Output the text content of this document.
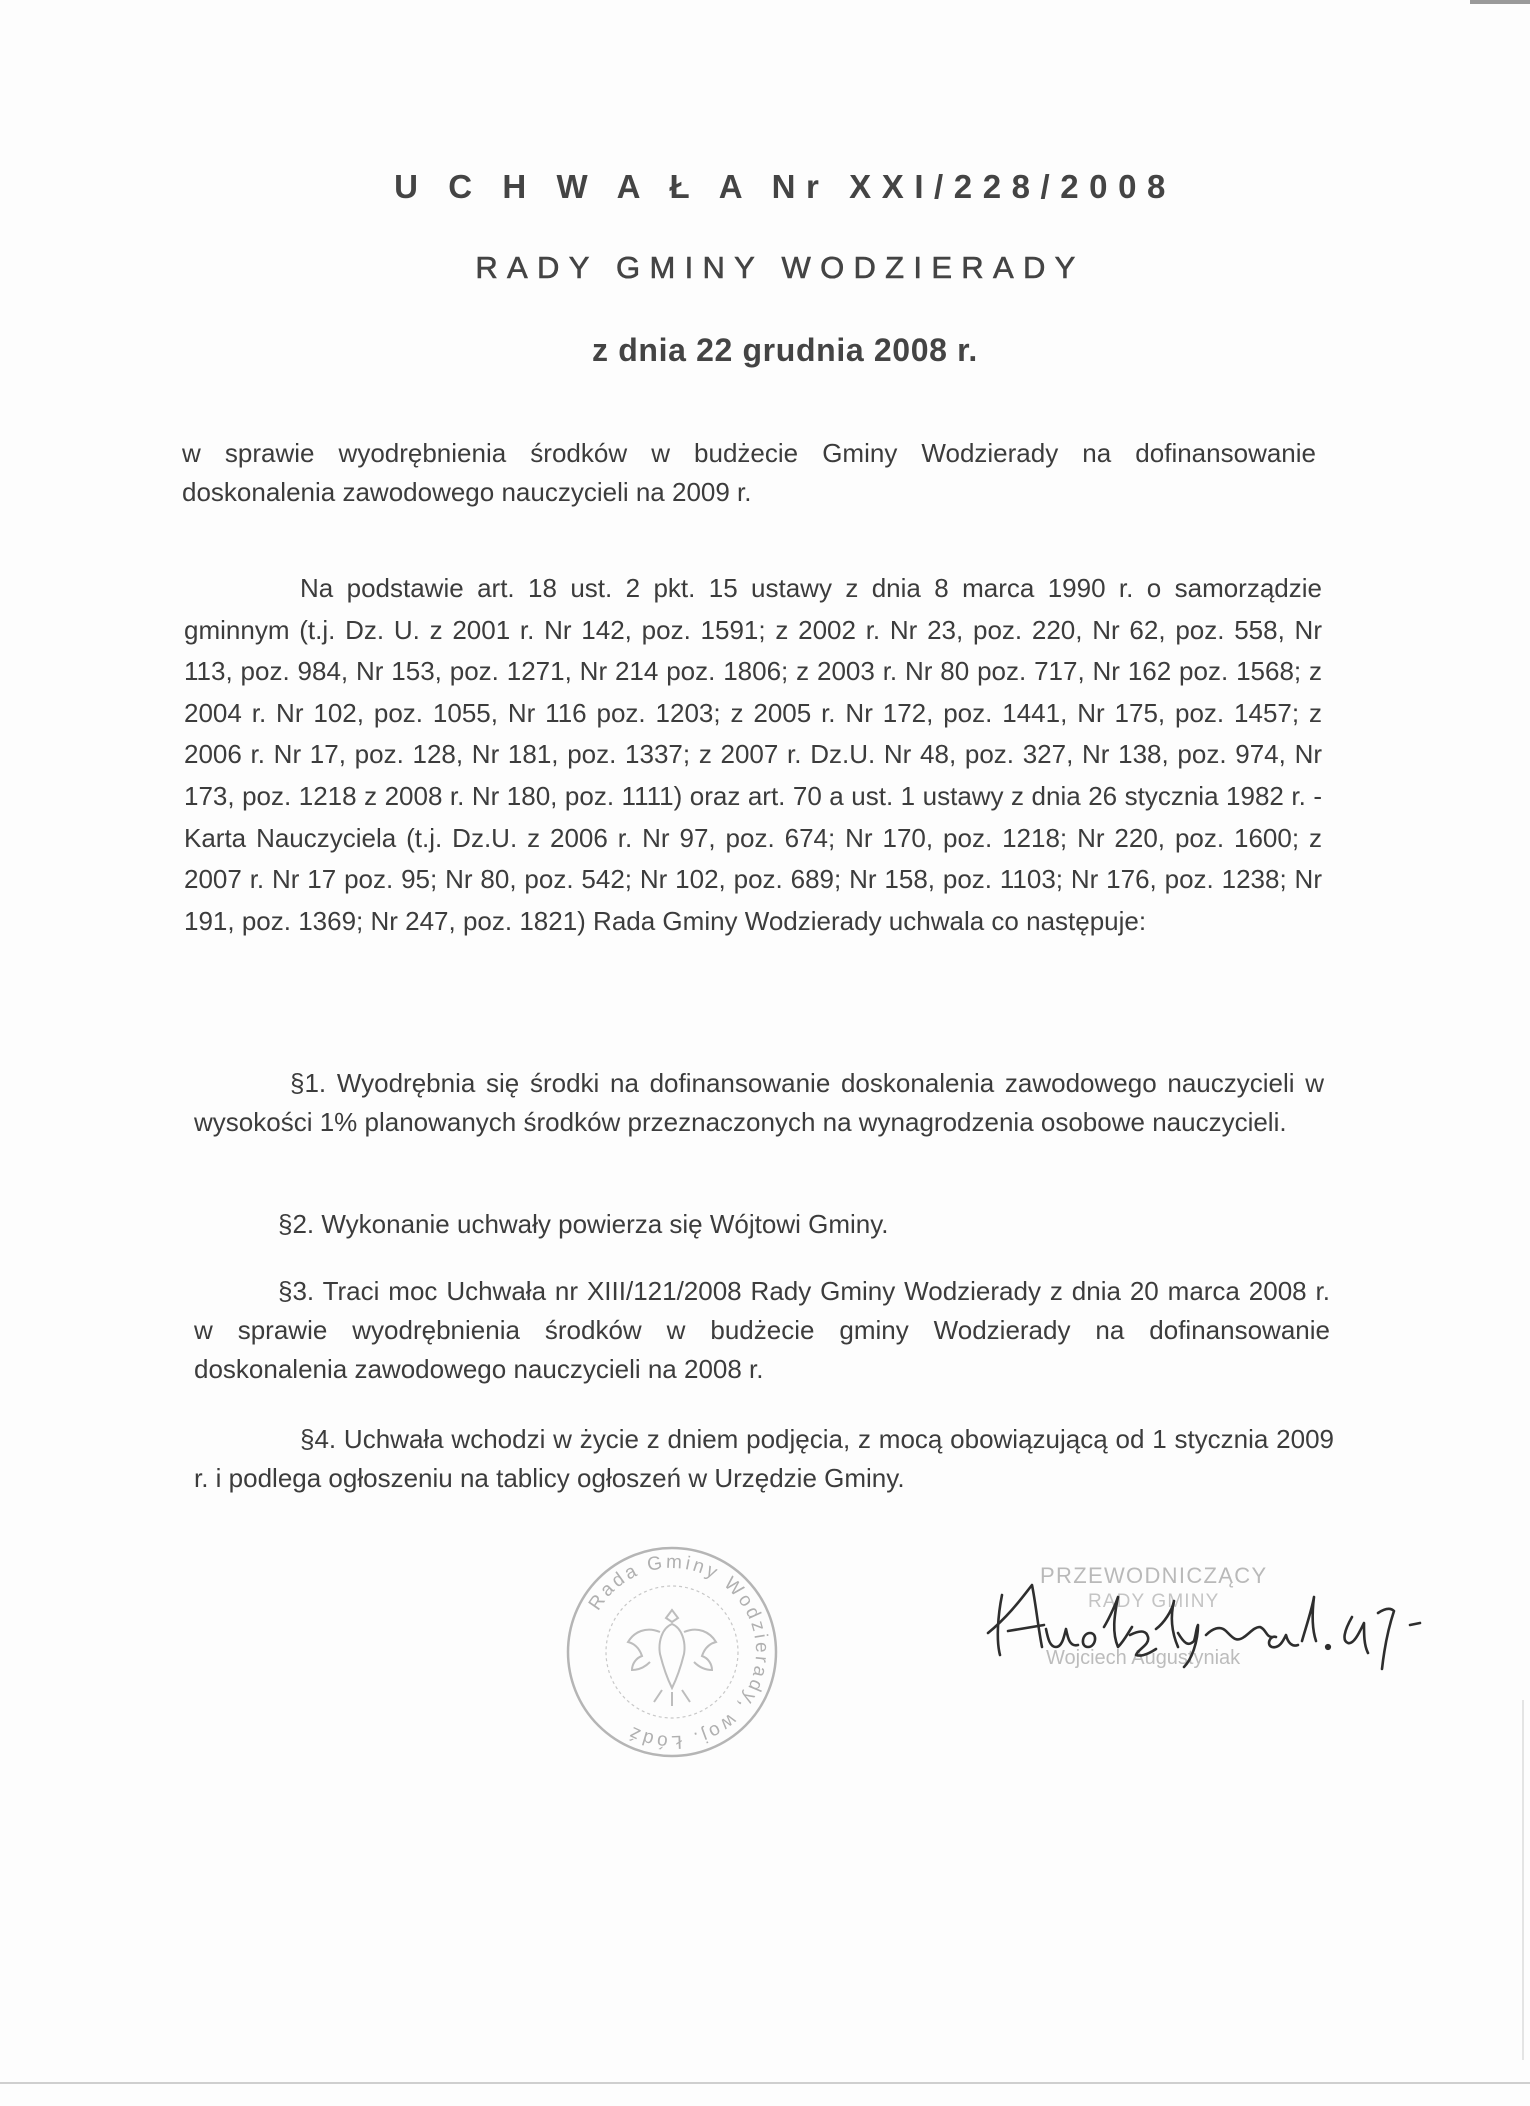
U C H W A Ł A Nr XXI/228/2008
RADY GMINY WODZIERADY
z dnia 22 grudnia 2008 r.
w sprawie wyodrębnienia środków w budżecie Gminy Wodzierady na dofinansowanie doskonalenia zawodowego nauczycieli na 2009 r.
Na podstawie art. 18 ust. 2 pkt. 15 ustawy z dnia 8 marca 1990 r. o samorządzie gminnym (t.j. Dz. U. z 2001 r. Nr 142, poz. 1591; z 2002 r. Nr 23, poz. 220, Nr 62, poz. 558, Nr 113, poz. 984, Nr 153, poz. 1271, Nr 214 poz. 1806; z 2003 r. Nr 80 poz. 717, Nr 162 poz. 1568; z 2004 r. Nr 102, poz. 1055, Nr 116 poz. 1203; z 2005 r. Nr 172, poz. 1441, Nr 175, poz. 1457; z 2006 r. Nr 17, poz. 128, Nr 181, poz. 1337; z 2007 r. Dz.U. Nr 48, poz. 327, Nr 138, poz. 974, Nr 173, poz. 1218 z 2008 r. Nr 180, poz. 1111) oraz art. 70 a ust. 1 ustawy z dnia 26 stycznia 1982 r. - Karta Nauczyciela (t.j. Dz.U. z 2006 r. Nr 97, poz. 674; Nr 170, poz. 1218; Nr 220, poz. 1600; z 2007 r. Nr 17 poz. 95; Nr 80, poz. 542; Nr 102, poz. 689; Nr 158, poz. 1103; Nr 176, poz. 1238; Nr 191, poz. 1369; Nr 247, poz. 1821) Rada Gminy Wodzierady uchwala co następuje:
§1. Wyodrębnia się środki na dofinansowanie doskonalenia zawodowego nauczycieli w wysokości 1% planowanych środków przeznaczonych na wynagrodzenia osobowe nauczycieli.
§2. Wykonanie uchwały powierza się Wójtowi Gminy.
§3. Traci moc Uchwała nr XIII/121/2008 Rady Gminy Wodzierady z dnia 20 marca 2008 r. w sprawie wyodrębnienia środków w budżecie gminy Wodzierady na dofinansowanie doskonalenia zawodowego nauczycieli na 2008 r.
§4. Uchwała wchodzi w życie z dniem podjęcia, z mocą obowiązującą od 1 stycznia 2009 r. i podlega ogłoszeniu na tablicy ogłoszeń w Urzędzie Gminy.
Rada Gminy Wodzierady, woj. Łódź
PRZEWODNICZĄCY
RADY GMINY
Wojciech Augustyniak
